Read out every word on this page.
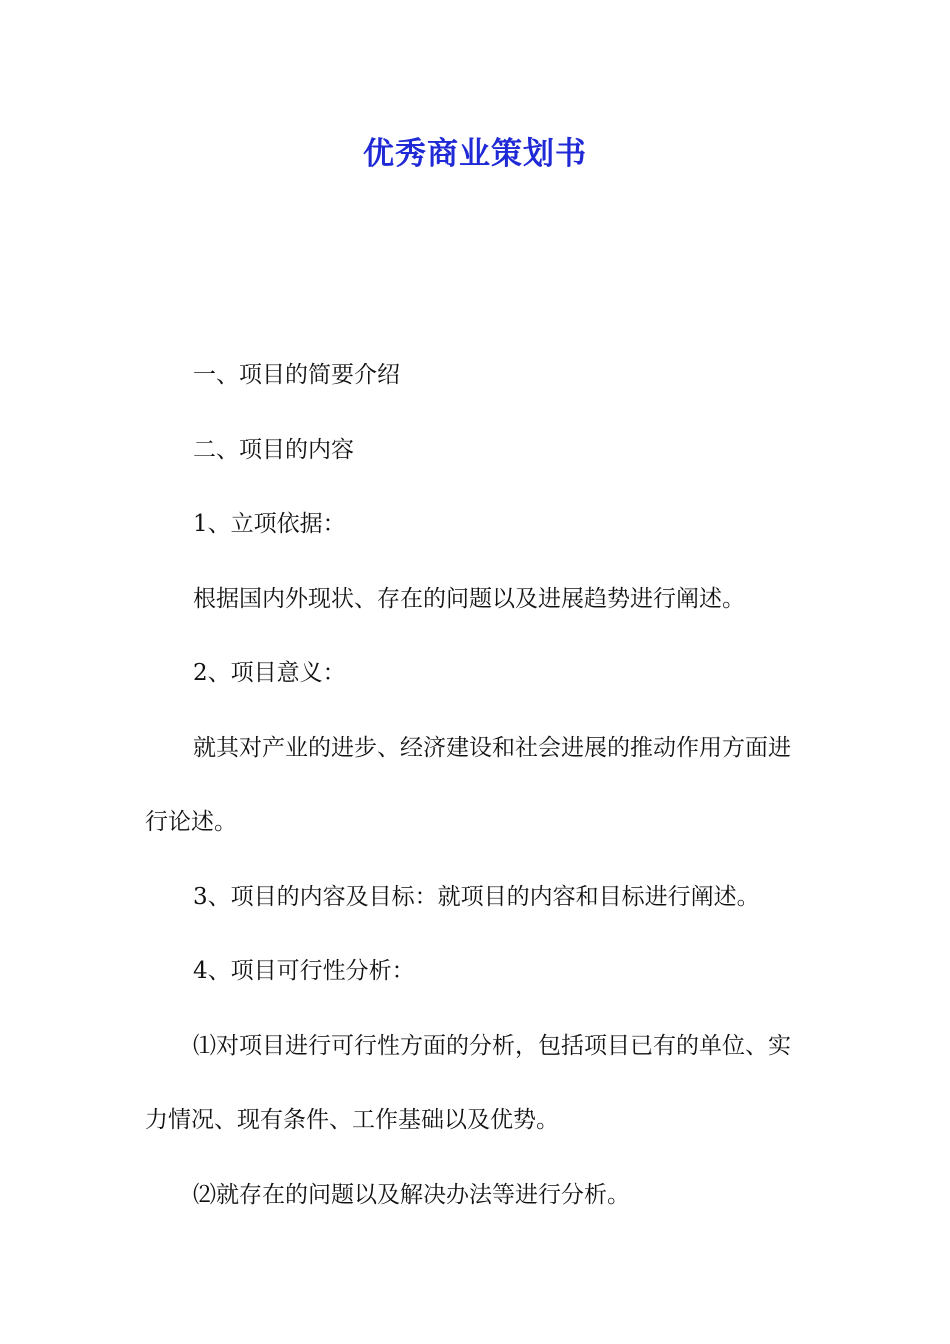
优秀商业策划书

一、项目的简要介绍

二、项目的内容

1、立项依据：

根据国内外现状、存在的问题以及进展趋势进行阐述。

2、项目意义：

就其对产业的进步、经济建设和社会进展的推动作用方面进行论述。

3、项目的内容及目标：就项目的内容和目标进行阐述。

4、项目可行性分析：

⑴对项目进行可行性方面的分析，包括项目已有的单位、实力情况、现有条件、工作基础以及优势。

⑵就存在的问题以及解决办法等进行分析。
